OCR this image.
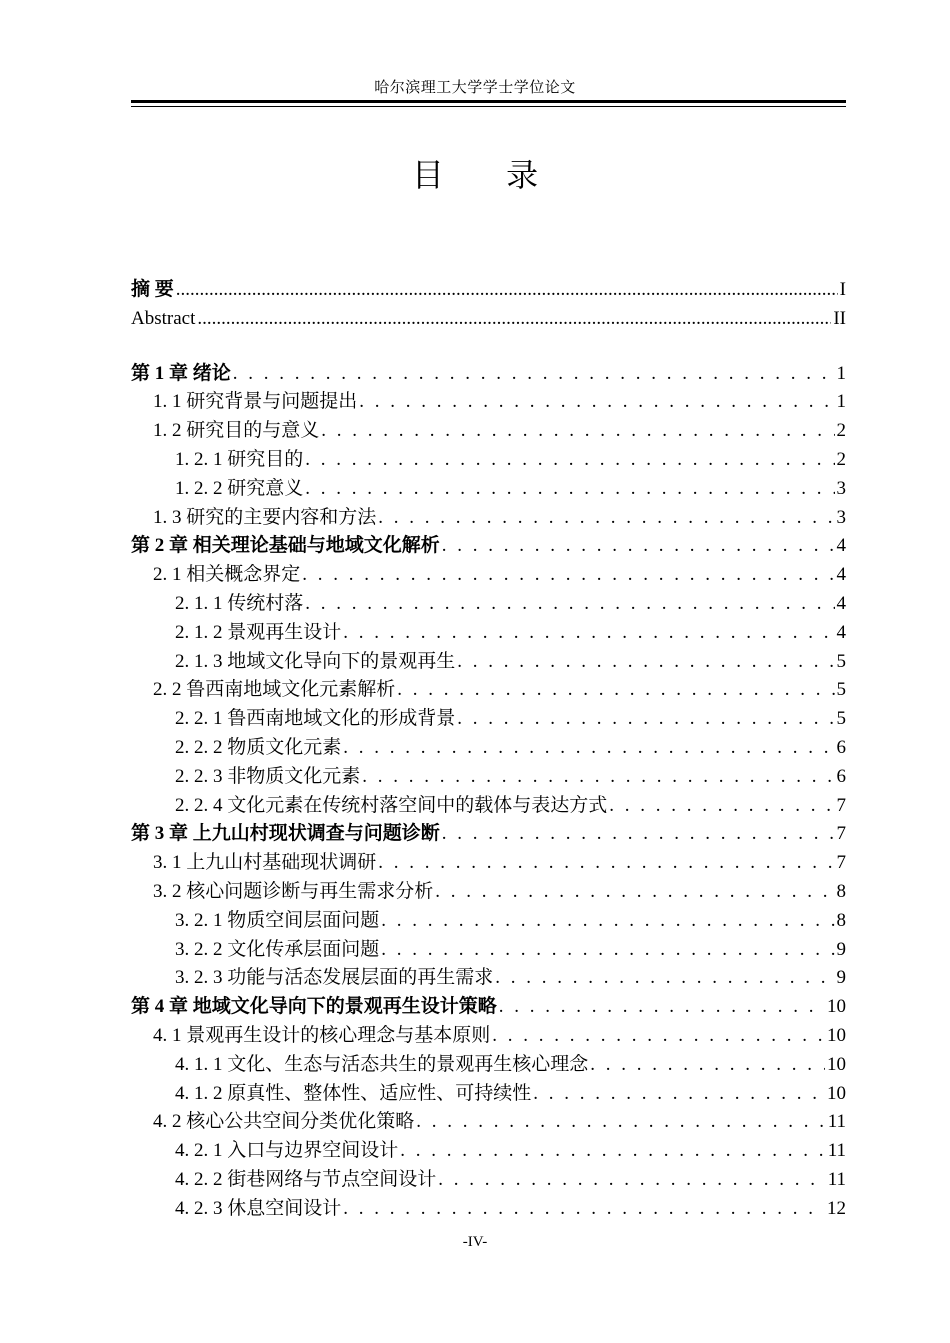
哈尔滨理工大学学士学位论文
目 录
摘 要 .....	I
Abstract .....	II
第 1 章 绪论 . . .	1
1. 1 研究背景与问题提出 . . .	1
1. 2 研究目的与意义 . . .	2
1. 2. 1 研究目的 . . .	2
1. 2. 2 研究意义 . . .	3
1. 3 研究的主要内容和方法 . . .	3
第 2 章 相关理论基础与地域文化解析 . . .	4
2. 1 相关概念界定 . . .	4
2. 1. 1 传统村落 . . .	4
2. 1. 2 景观再生设计 . . .	4
2. 1. 3 地域文化导向下的景观再生 . . .	5
2. 2 鲁西南地域文化元素解析 . . .	5
2. 2. 1 鲁西南地域文化的形成背景 . . .	5
2. 2. 2 物质文化元素 . . .	6
2. 2. 3 非物质文化元素 . . .	6
2. 2. 4 文化元素在传统村落空间中的载体与表达方式 . . .	7
第 3 章 上九山村现状调查与问题诊断 . . .	7
3. 1 上九山村基础现状调研 . . .	7
3. 2 核心问题诊断与再生需求分析 . . .	8
3. 2. 1 物质空间层面问题 . . .	8
3. 2. 2 文化传承层面问题 . . .	9
3. 2. 3 功能与活态发展层面的再生需求 . . .	9
第 4 章 地域文化导向下的景观再生设计策略 . . .	10
4. 1 景观再生设计的核心理念与基本原则 . . .	10
4. 1. 1 文化、生态与活态共生的景观再生核心理念 . . .	10
4. 1. 2 原真性、整体性、适应性、可持续性 . . .	10
4. 2 核心公共空间分类优化策略 . . .	11
4. 2. 1 入口与边界空间设计 . . .	11
4. 2. 2 街巷网络与节点空间设计 . . .	11
4. 2. 3 休息空间设计 . . .	12
-IV-
